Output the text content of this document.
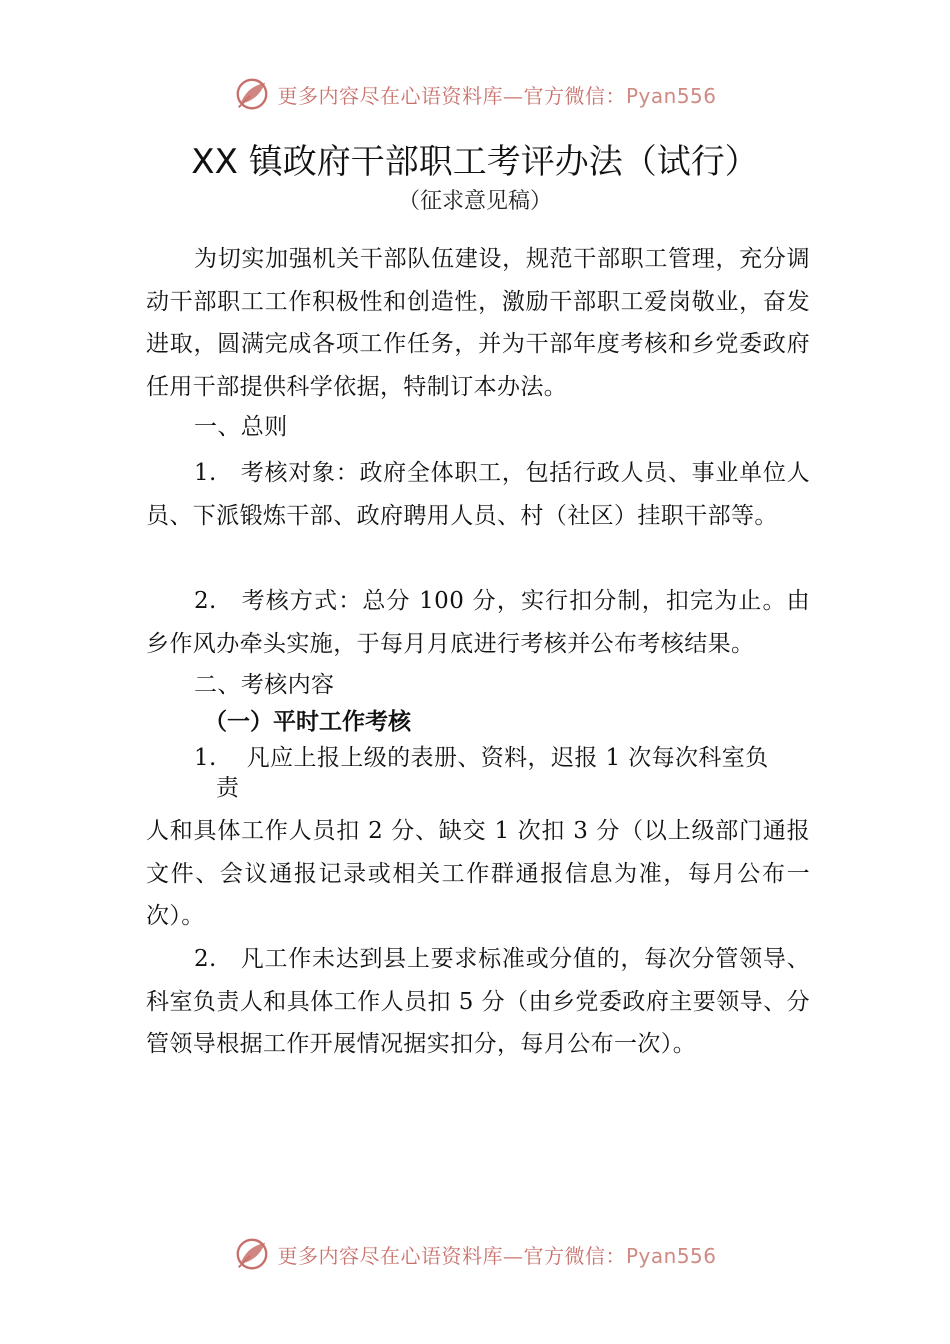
更多内容尽在心语资料库—官方微信：Pyan556
XX 镇政府干部职工考评办法（试行）
（征求意见稿）
为切实加强机关干部队伍建设，规范干部职工管理，充分调动干部职工工作积极性和创造性，激励干部职工爱岗敬业，奋发进取，圆满完成各项工作任务，并为干部年度考核和乡党委政府任用干部提供科学依据，特制订本办法。
一、总则
1.　考核对象：政府全体职工，包括行政人员、事业单位人员、下派锻炼干部、政府聘用人员、村（社区）挂职干部等。
2.　考核方式：总分 100 分，实行扣分制，扣完为止。由乡作风办牵头实施，于每月月底进行考核并公布考核结果。
二、考核内容
（一）平时工作考核
1. 凡应上报上级的表册、资料，迟报 1 次每次科室负
责
人和具体工作人员扣 2 分、缺交 1 次扣 3 分（以上级部门通报文件、会议通报记录或相关工作群通报信息为准，每月公布一次）。
2.　凡工作未达到县上要求标准或分值的，每次分管领导、科室负责人和具体工作人员扣 5 分（由乡党委政府主要领导、分管领导根据工作开展情况据实扣分，每月公布一次）。
更多内容尽在心语资料库—官方微信：Pyan556
